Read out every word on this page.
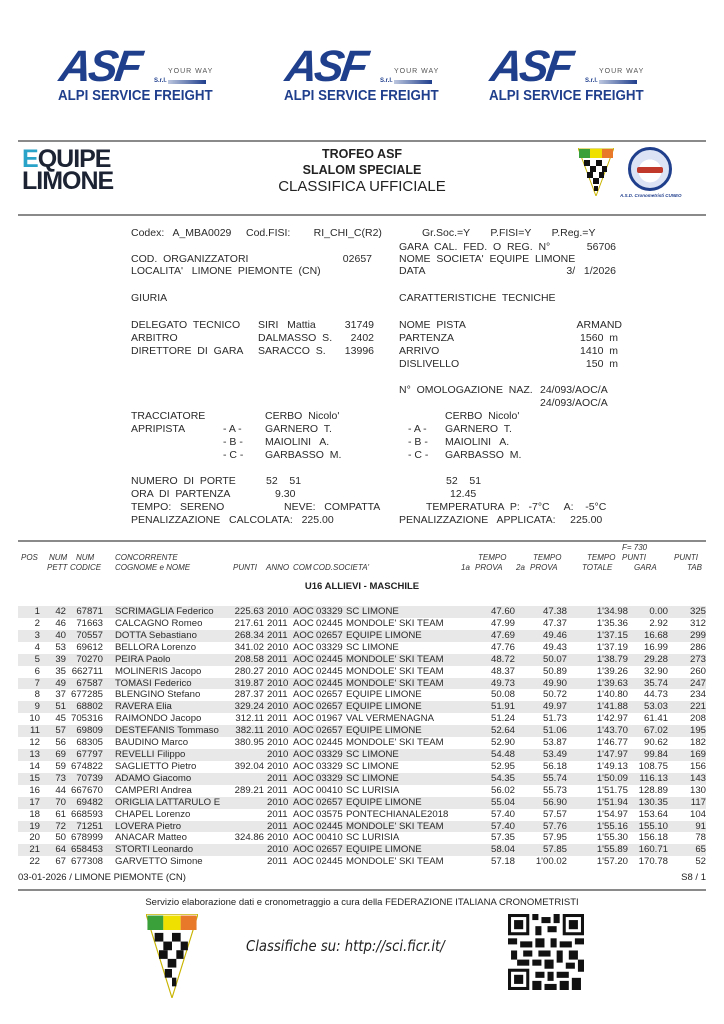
ASF S.r.l.
YOUR WAY
ALPI SERVICE FREIGHT
ASF S.r.l.
YOUR WAY
ALPI SERVICE FREIGHT
ASF S.r.l.
YOUR WAY
ALPI SERVICE FREIGHT
EQUIPE
LIMONE
TROFEO ASF
SLALOM SPECIALE
CLASSIFICA UFFICIALE
A.S.D. Cronometristi CUNEO
Codex:   A_MBA0029     Cod.FISI:        RI_CHI_C(R2)	Gr.Soc.=Y       P.FISI=Y       P.Reg.=Y
GARA  CAL.  FED.  O  REG.  N°	56706
COD.  ORGANIZZATORI	02657	NOME  SOCIETA'  EQUIPE  LIMONE
LOCALITA'   LIMONE  PIEMONTE  (CN)	DATA	3/   1/2026
GIURIA	CARATTERISTICHE  TECNICHE
DELEGATO  TECNICO SIRI   Mattia	31749
ARBITRO	DALMASSO  S.	2402
DIRETTORE  DI  GARA SARACCO  S.	13996
NOME  PISTA	ARMAND
PARTENZA	1560  m
ARRIVO	1410  m
DISLIVELLO	150  m
N°  OMOLOGAZIONE  NAZ. 24/093/AOC/A
24/093/AOC/A
TRACCIATORE	CERBO  Nicolo'	CERBO  Nicolo'
APRIPISTA	- A - GARNERO  T.	- A - GARNERO  T.
- B - MAIOLINI   A.	- B - MAIOLINI   A.
- C - GARBASSO  M.	- C - GARBASSO  M.
NUMERO  DI  PORTE	52    51	52    51
ORA  DI  PARTENZA	9.30	12.45
TEMPO:   SERENO	NEVE:   COMPATTA	TEMPERATURA  P:   -7°C     A:    -5°C
PENALIZZAZIONE   CALCOLATA:   225.00	PENALIZZAZIONE   APPLICATA:     225.00
F= 730
POS NUM
PETT
NUM
CODICE
CONCORRENTE
COGNOME e NOME	PUNTI ANNO COM COD. SOCIETA'
TEMPO
1a PROVA
TEMPO
2a PROVA
TEMPO
TOTALE
PUNTI
GARA
PUNTI
TAB
U16 ALLIEVI - MASCHILE
1	42	67871 SCRIMAGLIA Federico	225.63 2010 AOC 03329 SC LIMONE	47.60	47.38	1'34.98	0.00	325
2	46	71663 CALCAGNO Romeo	217.61 2011 AOC 02445 MONDOLE' SKI TEAM	47.99	47.37	1'35.36	2.92	312
3	40	70557 DOTTA Sebastiano	268.34 2011 AOC 02657 EQUIPE LIMONE	47.69	49.46	1'37.15	16.68	299
4	53	69612 BELLORA Lorenzo	341.02 2010 AOC 03329 SC LIMONE	47.76	49.43	1'37.19	16.99	286
5	39	70270 PEIRA Paolo	208.58 2011 AOC 02445 MONDOLE' SKI TEAM	48.72	50.07	1'38.79	29.28	273
6	35 662711 MOLINERIS Jacopo	280.27 2010 AOC 02445 MONDOLE' SKI TEAM	48.37	50.89	1'39.26	32.90	260
7	49	67587 TOMASI Federico	319.87 2010 AOC 02445 MONDOLE' SKI TEAM	49.73	49.90	1'39.63	35.74	247
8	37 677285 BLENGINO Stefano	287.37 2011 AOC 02657 EQUIPE LIMONE	50.08	50.72	1'40.80	44.73	234
9	51	68802 RAVERA Elia	329.24 2010 AOC 02657 EQUIPE LIMONE	51.91	49.97	1'41.88	53.03	221
10	45 705316 RAIMONDO Jacopo	312.11 2011 AOC 01967 VAL VERMENAGNA	51.24	51.73	1'42.97	61.41	208
11	57	69809 DESTEFANIS Tommaso	382.11 2010 AOC 02657 EQUIPE LIMONE	52.64	51.06	1'43.70	67.02	195
12	56	68305 BAUDINO Marco	380.95 2010 AOC 02445 MONDOLE' SKI TEAM	52.90	53.87	1'46.77	90.62	182
13	69	67797 REVELLI Filippo	2010 AOC 03329 SC LIMONE	54.48	53.49	1'47.97	99.84	169
14	59 674822 SAGLIETTO Pietro	392.04 2010 AOC 03329 SC LIMONE	52.95	56.18	1'49.13	108.75	156
15	73	70739 ADAMO Giacomo	2011 AOC 03329 SC LIMONE	54.35	55.74	1'50.09	116.13	143
16	44 667670 CAMPERI Andrea	289.21 2011 AOC 00410 SC LURISIA	56.02	55.73	1'51.75	128.89	130
17	70	69482 ORIGLIA LATTARULO E	2010 AOC 02657 EQUIPE LIMONE	55.04	56.90	1'51.94	130.35	117
18	61 668593 CHAPEL Lorenzo	2011 AOC 03575 PONTECHIANALE2018	57.40	57.57	1'54.97	153.64	104
19	72	71251 LOVERA Pietro	2011 AOC 02445 MONDOLE' SKI TEAM	57.40	57.76	1'55.16	155.10	91
20	50 678999 ANACAR Matteo	324.86 2010 AOC 00410 SC LURISIA	57.35	57.95	1'55.30	156.18	78
21	64 658453 STORTI Leonardo	2010 AOC 02657 EQUIPE LIMONE	58.04	57.85	1'55.89	160.71	65
22	67 677308 GARVETTO Simone	2011 AOC 02445 MONDOLE' SKI TEAM	57.18	1'00.02	1'57.20	170.78	52
03-01-2026 / LIMONE PIEMONTE (CN)	S8 / 1
Servizio elaborazione dati e cronometraggio a cura della FEDERAZIONE ITALIANA CRONOMETRISTI
Classifiche su: http://sci.ficr.it/
